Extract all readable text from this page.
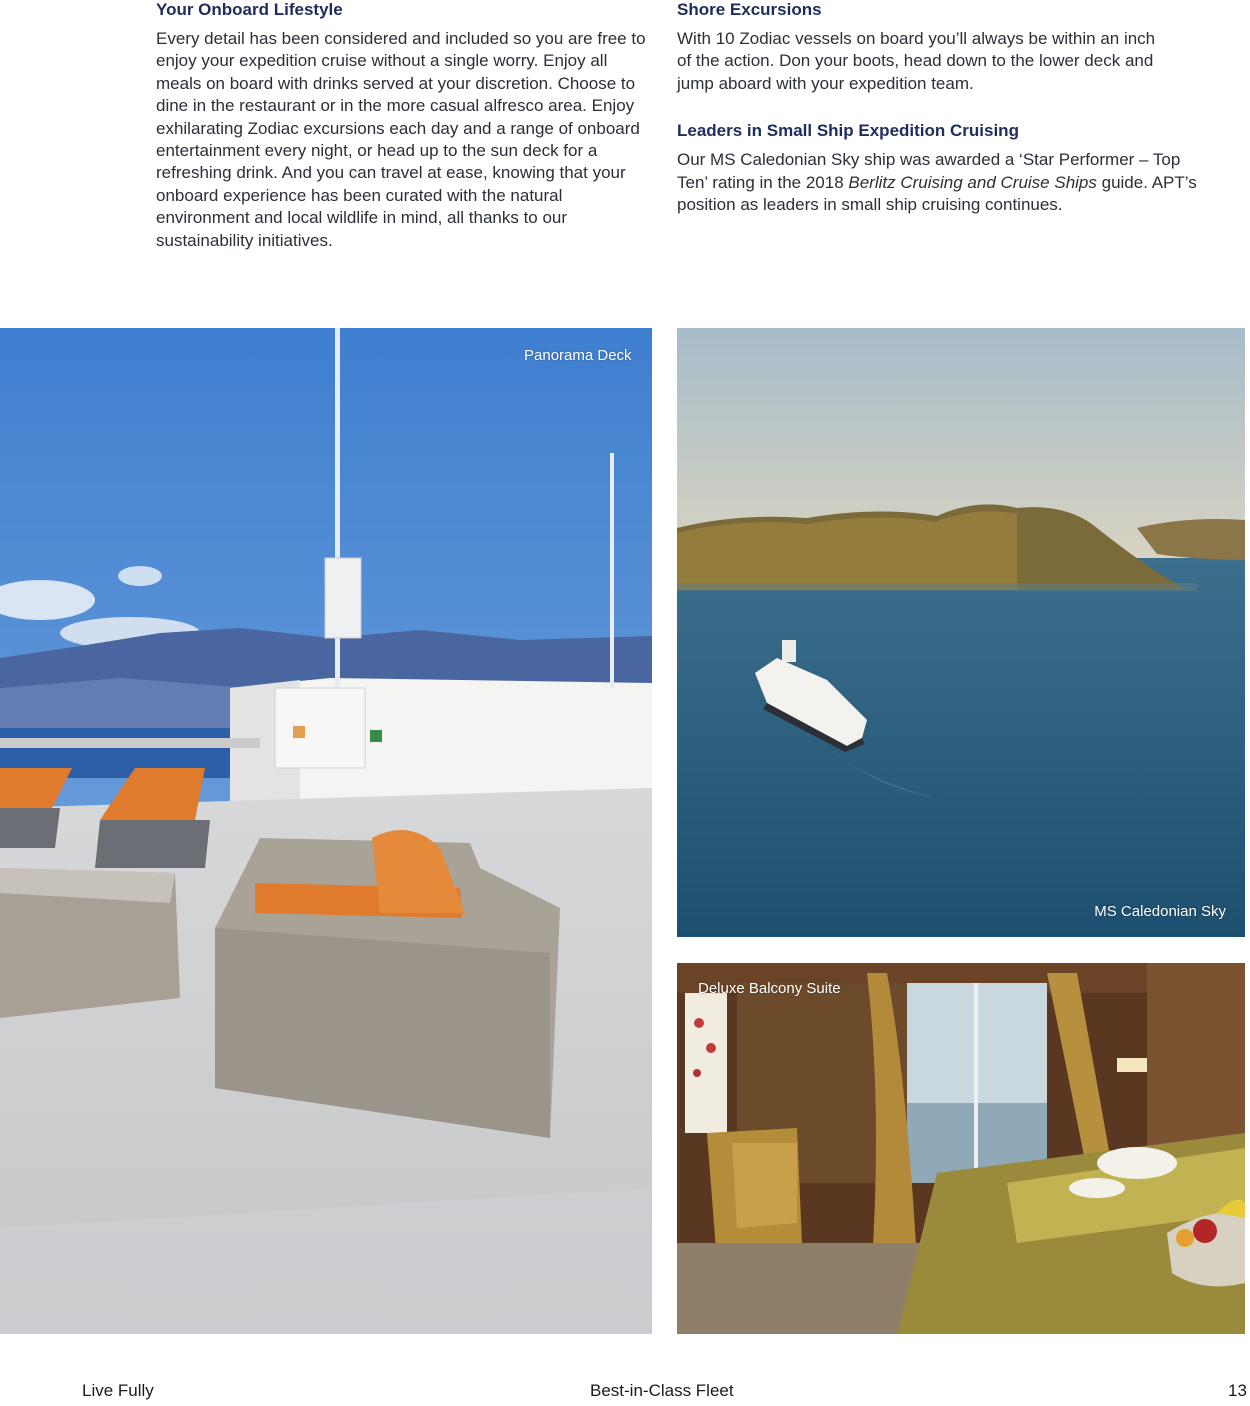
Your Onboard Lifestyle

Every detail has been considered and included so you are free to enjoy your expedition cruise without a single worry. Enjoy all meals on board with drinks served at your discretion. Choose to dine in the restaurant or in the more casual alfresco area. Enjoy exhilarating Zodiac excursions each day and a range of onboard entertainment every night, or head up to the sun deck for a refreshing drink. And you can travel at ease, knowing that your onboard experience has been curated with the natural environment and local wildlife in mind, all thanks to our sustainability initiatives.

Shore Excursions

With 10 Zodiac vessels on board you’ll always be within an inch of the action. Don your boots, head down to the lower deck and jump aboard with your expedition team.

Leaders in Small Ship Expedition Cruising

Our MS Caledonian Sky ship was awarded a ‘Star Performer – Top Ten’ rating in the 2018 Berlitz Cruising and Cruise Ships guide. APT’s position as leaders in small ship cruising continues.

Panorama Deck
MS Caledonian Sky
Deluxe Balcony Suite
Live Fully	Best-in-Class Fleet	13
